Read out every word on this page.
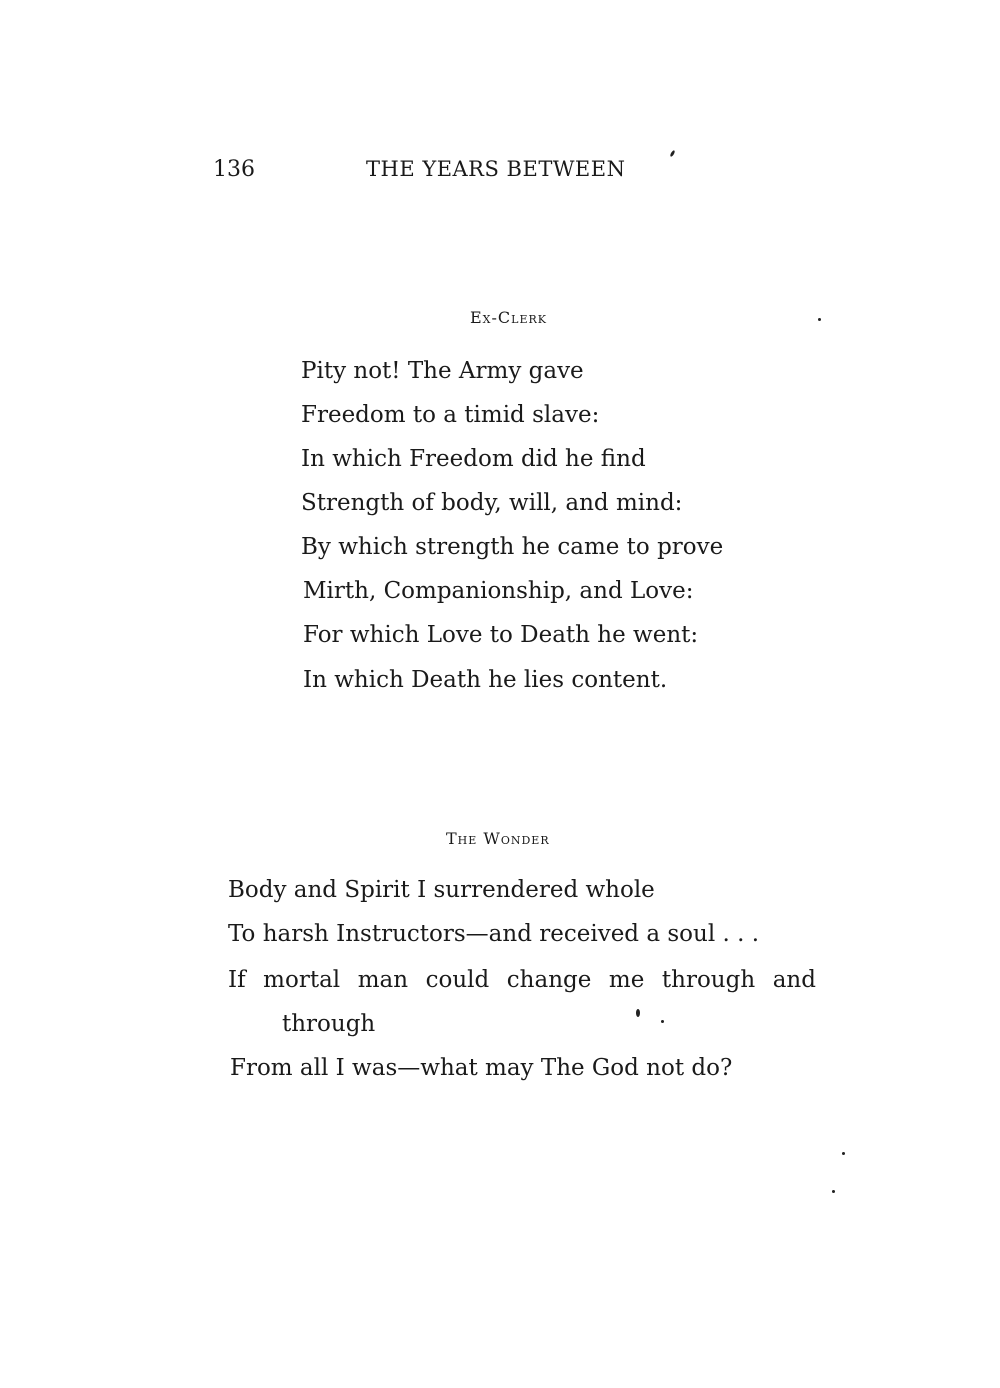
136	THE YEARS BETWEEN
Ex-Clerk
Pity not! The Army gave
Freedom to a timid slave:
In which Freedom did he find
Strength of body, will, and mind:
By which strength he came to prove
Mirth, Companionship, and Love:
For which Love to Death he went:
In which Death he lies content.
The Wonder
Body and Spirit I surrendered whole
To harsh Instructors—and received a soul . . .
If mortal man could change me through and
through
From all I was—what may The God not do?
